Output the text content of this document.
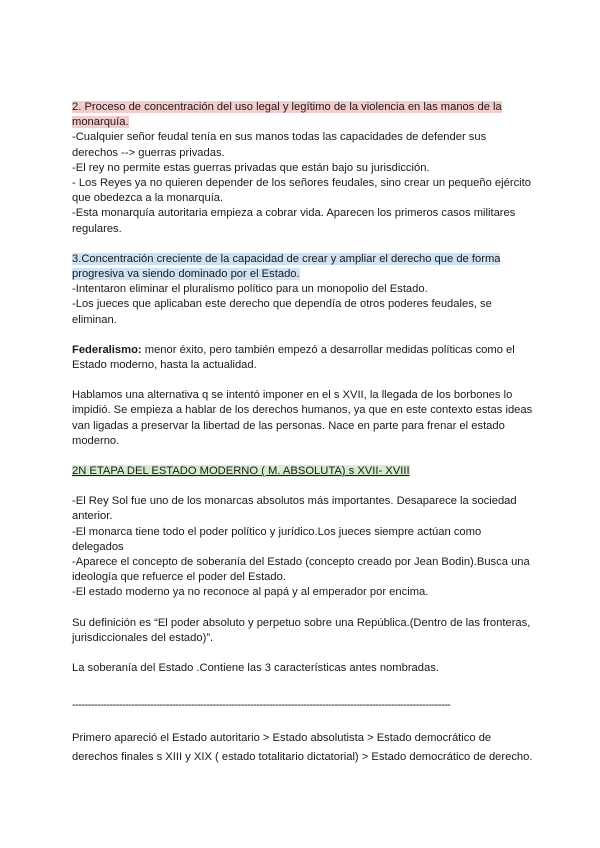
2. Proceso de concentración del uso legal y legítimo de la violencia en las manos de la monarquía.

-Cualquier señor feudal tenía en sus manos todas las capacidades de defender sus derechos --> guerras privadas.

-El rey no permite estas guerras privadas que están bajo su jurisdicción.

- Los Reyes ya no quieren depender de los señores feudales, sino crear un pequeño ejército que obedezca a la monarquía.

-Esta monarquía autoritaria empieza a cobrar vida. Aparecen los primeros casos militares regulares.

3.Concentración creciente de la capacidad de crear y ampliar el derecho que de forma progresiva va siendo dominado por el Estado.

-Intentaron eliminar el pluralismo político para un monopolio del Estado.

-Los jueces que aplicaban este derecho que dependía de otros poderes feudales, se eliminan.

Federalismo: menor éxito, pero también empezó a desarrollar medidas políticas como el Estado moderno, hasta la actualidad.

Hablamos una alternativa q se intentó imponer en el s XVII, la llegada de los borbones lo impidió. Se empieza a hablar de los derechos humanos, ya que en este contexto estas ideas van ligadas a preservar la libertad de las personas. Nace en parte para frenar el estado moderno.

2N ETAPA DEL ESTADO MODERNO ( M. ABSOLUTA) s XVII- XVIII

-El Rey Sol fue uno de los monarcas absolutos más importantes. Desaparece la sociedad anterior.

-El monarca tiene todo el poder político y jurídico.Los jueces siempre actúan como delegados

-Aparece el concepto de soberanía del Estado (concepto creado por Jean Bodin).Busca una ideología que refuerce el poder del Estado.

-El estado moderno ya no reconoce al papá y al emperador por encima.

Su definición es “El poder absoluto y perpetuo sobre una República.(Dentro de las fronteras, jurisdiccionales del estado)”.

La soberanía del Estado .Contiene las 3 características antes nombradas.

-------------------------------------------------------------------------------------------------------------------------

Primero apareció el Estado autoritario > Estado absolutista > Estado democrático de derechos finales s XIII y XIX ( estado totalitario dictatorial) > Estado democrático de derecho.
